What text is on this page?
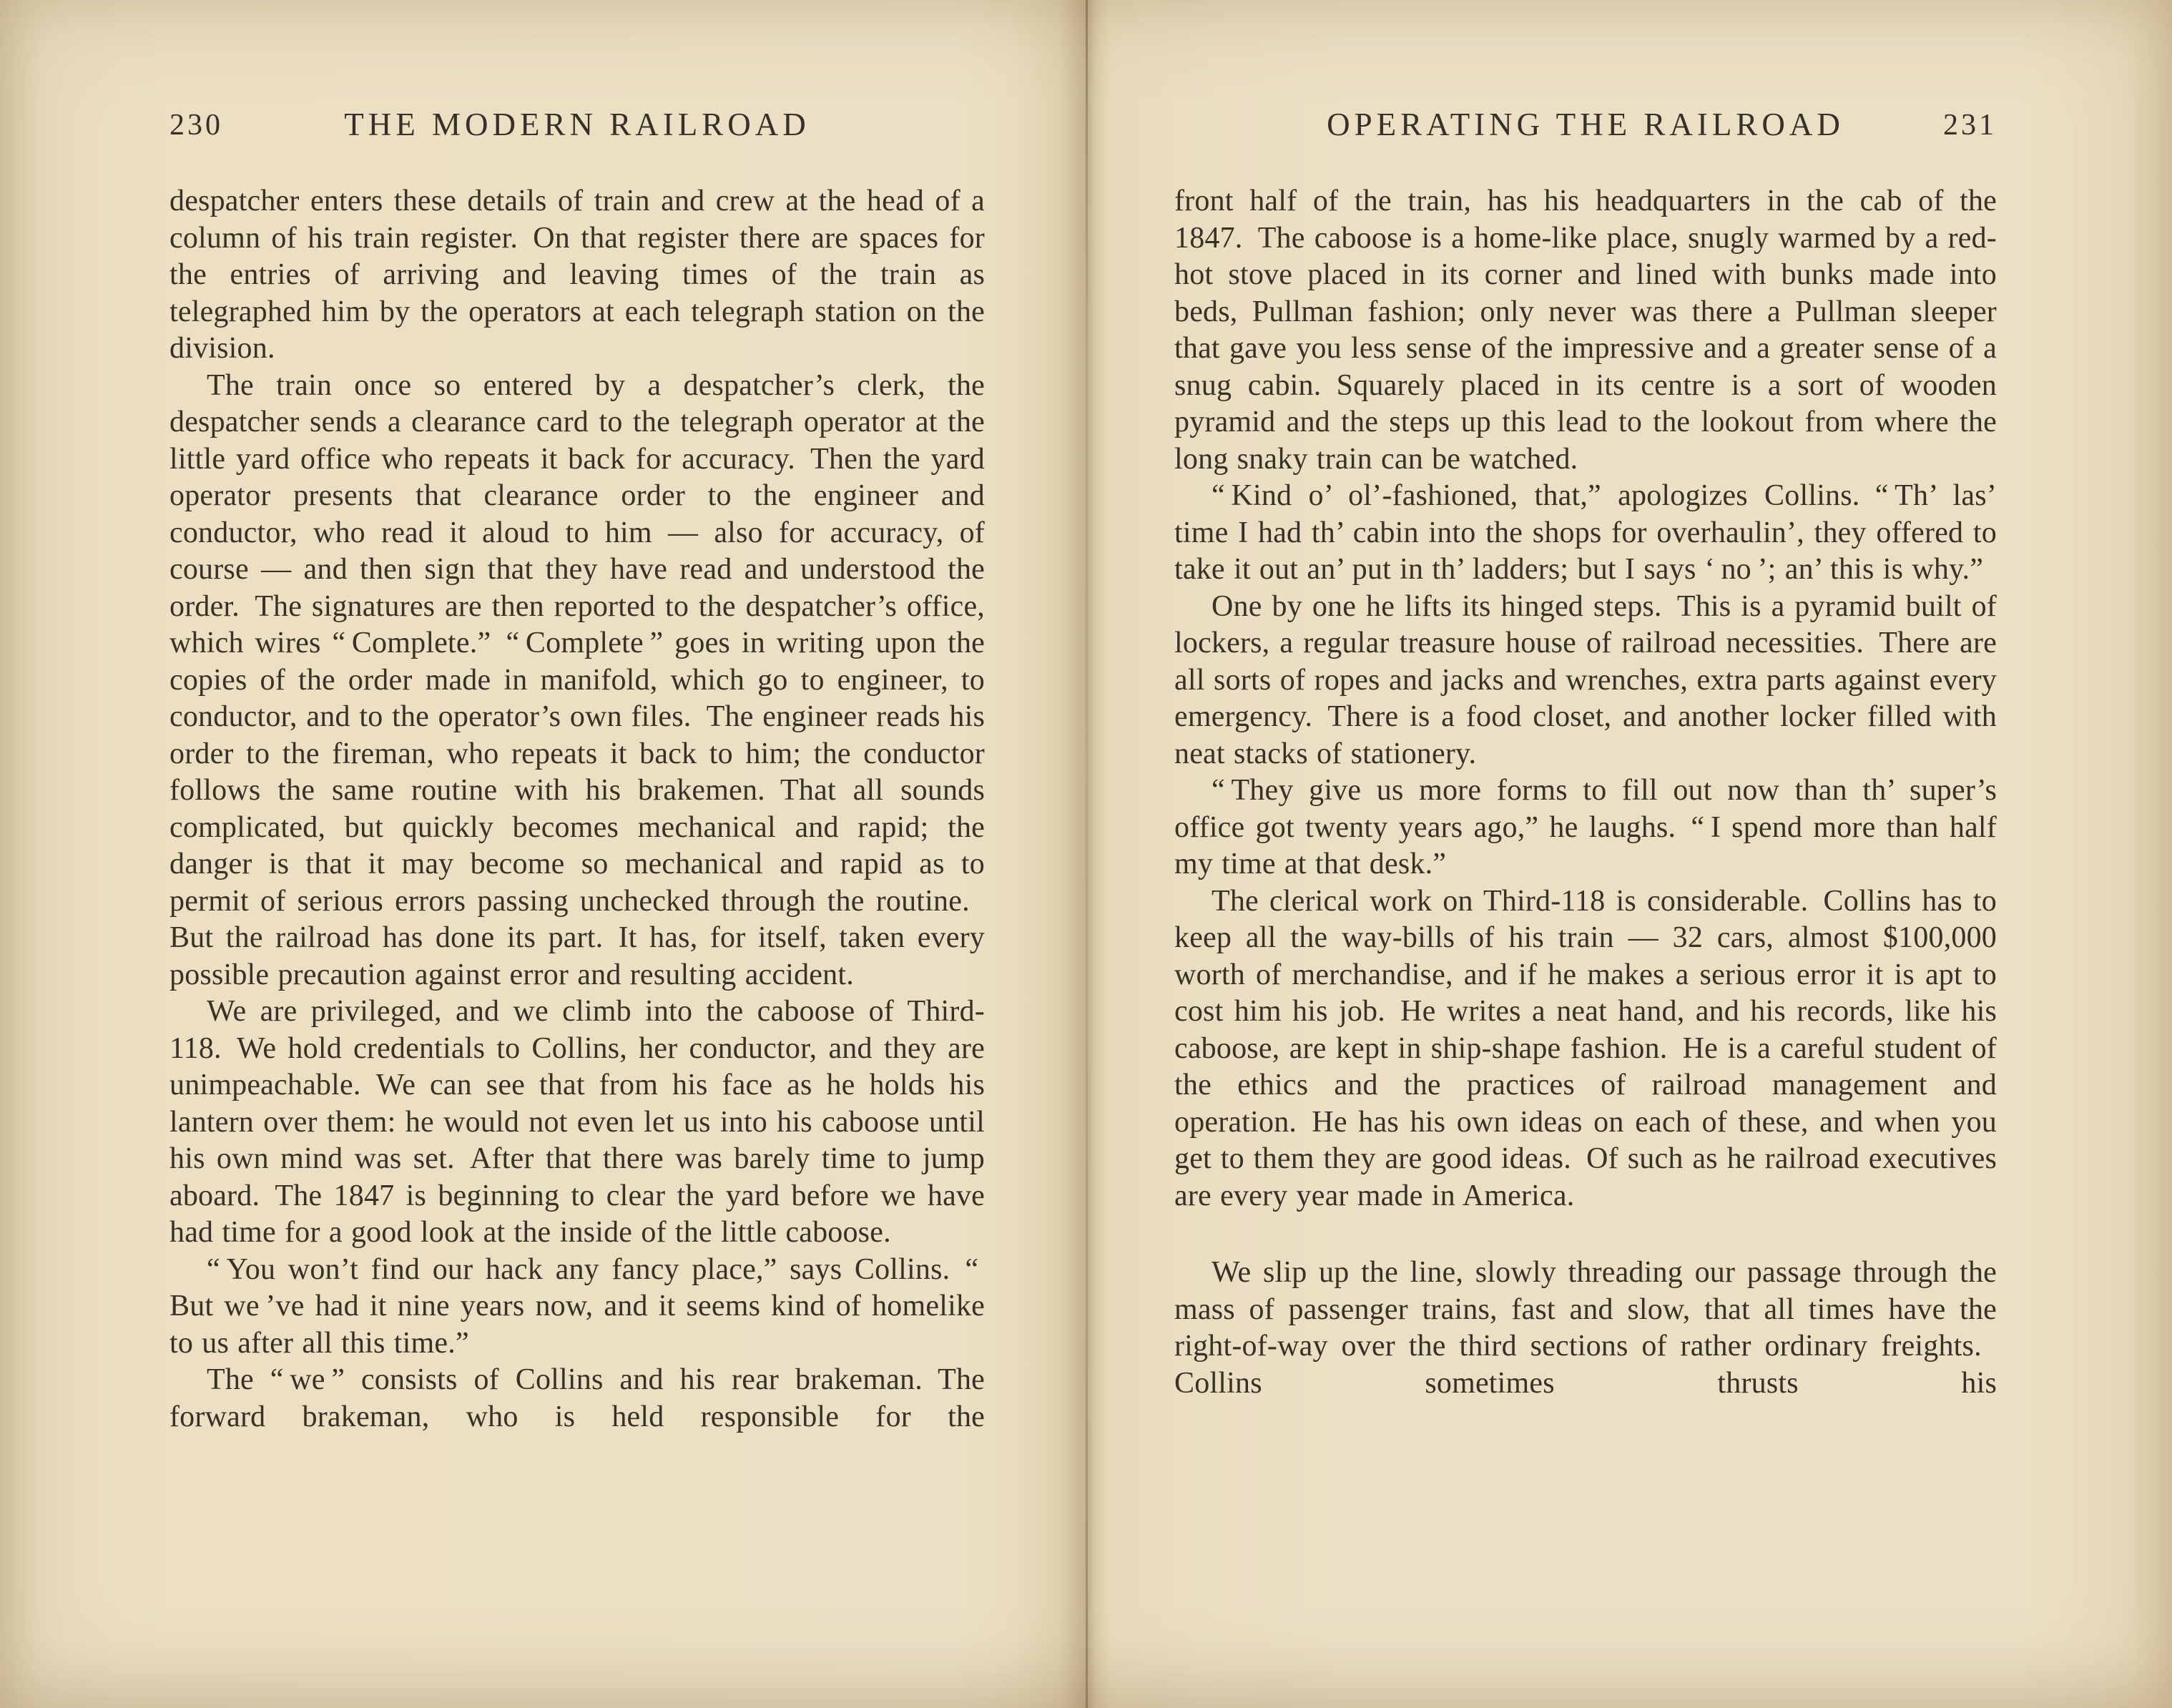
230	THE MODERN RAILROAD

despatcher enters these details of train and crew at the head of a column of his train register. On that register there are spaces for the entries of arriving and leaving times of the train as telegraphed him by the operators at each telegraph station on the division.

The train once so entered by a despatcher’s clerk, the despatcher sends a clearance card to the telegraph operator at the little yard office who repeats it back for accuracy. Then the yard operator presents that clearance order to the engineer and conductor, who read it aloud to him — also for accuracy, of course — and then sign that they have read and understood the order. The signatures are then reported to the despatcher’s office, which wires “ Complete.” “ Complete ” goes in writing upon the copies of the order made in manifold, which go to engineer, to conductor, and to the operator’s own files. The engineer reads his order to the fireman, who repeats it back to him; the conductor follows the same routine with his brakemen. That all sounds complicated, but quickly becomes mechanical and rapid; the danger is that it may become so mechanical and rapid as to permit of serious errors passing unchecked through the routine. But the railroad has done its part. It has, for itself, taken every possible precaution against error and resulting accident.

We are privileged, and we climb into the caboose of Third-118. We hold credentials to Collins, her conductor, and they are unimpeachable. We can see that from his face as he holds his lantern over them: he would not even let us into his caboose until his own mind was set. After that there was barely time to jump aboard. The 1847 is beginning to clear the yard before we have had time for a good look at the inside of the little caboose.

“ You won’t find our hack any fancy place,” says Collins. “ But we ’ve had it nine years now, and it seems kind of homelike to us after all this time.”

The “ we ” consists of Collins and his rear brakeman. The forward brakeman, who is held responsible for the

OPERATING THE RAILROAD	231

front half of the train, has his headquarters in the cab of the 1847. The caboose is a home-like place, snugly warmed by a red-hot stove placed in its corner and lined with bunks made into beds, Pullman fashion; only never was there a Pullman sleeper that gave you less sense of the impressive and a greater sense of a snug cabin. Squarely placed in its centre is a sort of wooden pyramid and the steps up this lead to the lookout from where the long snaky train can be watched.

“ Kind o’ ol’-fashioned, that,” apologizes Collins. “ Th’ las’ time I had th’ cabin into the shops for overhaulin’, they offered to take it out an’ put in th’ ladders; but I says ‘ no ’; an’ this is why.”

One by one he lifts its hinged steps. This is a pyramid built of lockers, a regular treasure house of railroad necessities. There are all sorts of ropes and jacks and wrenches, extra parts against every emergency. There is a food closet, and another locker filled with neat stacks of stationery.

“ They give us more forms to fill out now than th’ super’s office got twenty years ago,” he laughs. “ I spend more than half my time at that desk.”

The clerical work on Third-118 is considerable. Collins has to keep all the way-bills of his train — 32 cars, almost $100,000 worth of merchandise, and if he makes a serious error it is apt to cost him his job. He writes a neat hand, and his records, like his caboose, are kept in ship-shape fashion. He is a careful student of the ethics and the practices of railroad management and operation. He has his own ideas on each of these, and when you get to them they are good ideas. Of such as he railroad executives are every year made in America.

We slip up the line, slowly threading our passage through the mass of passenger trains, fast and slow, that all times have the right-of-way over the third sections of rather ordinary freights. Collins sometimes thrusts his
